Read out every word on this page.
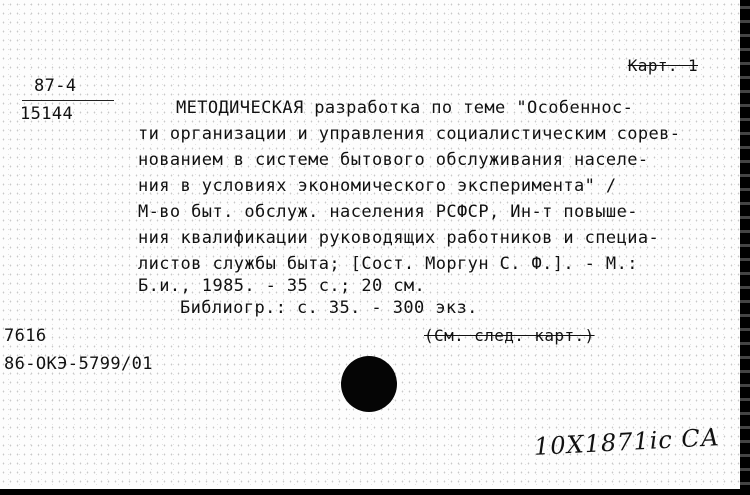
Карт. 1
87-4
15144	МЕТОДИЧЕСКАЯ разработка по теме "Особеннос-
ти организации и управления социалистическим сорев-
нованием в системе бытового обслуживания населе-
ния в условиях экономического эксперимента" /
М-во быт. обслуж. населения РСФСР, Ин-т повыше-
ния квалификации руководящих работников и специа-
листов службы быта; [Сост. Моргун С. Ф.]. - М.:
Б.и., 1985. - 35 с.; 20 см.
Библиогр.: с. 35. - 300 экз.
(См. след. карт.)
7616
86-ОКЭ-5799/01
10X1871ic СА
